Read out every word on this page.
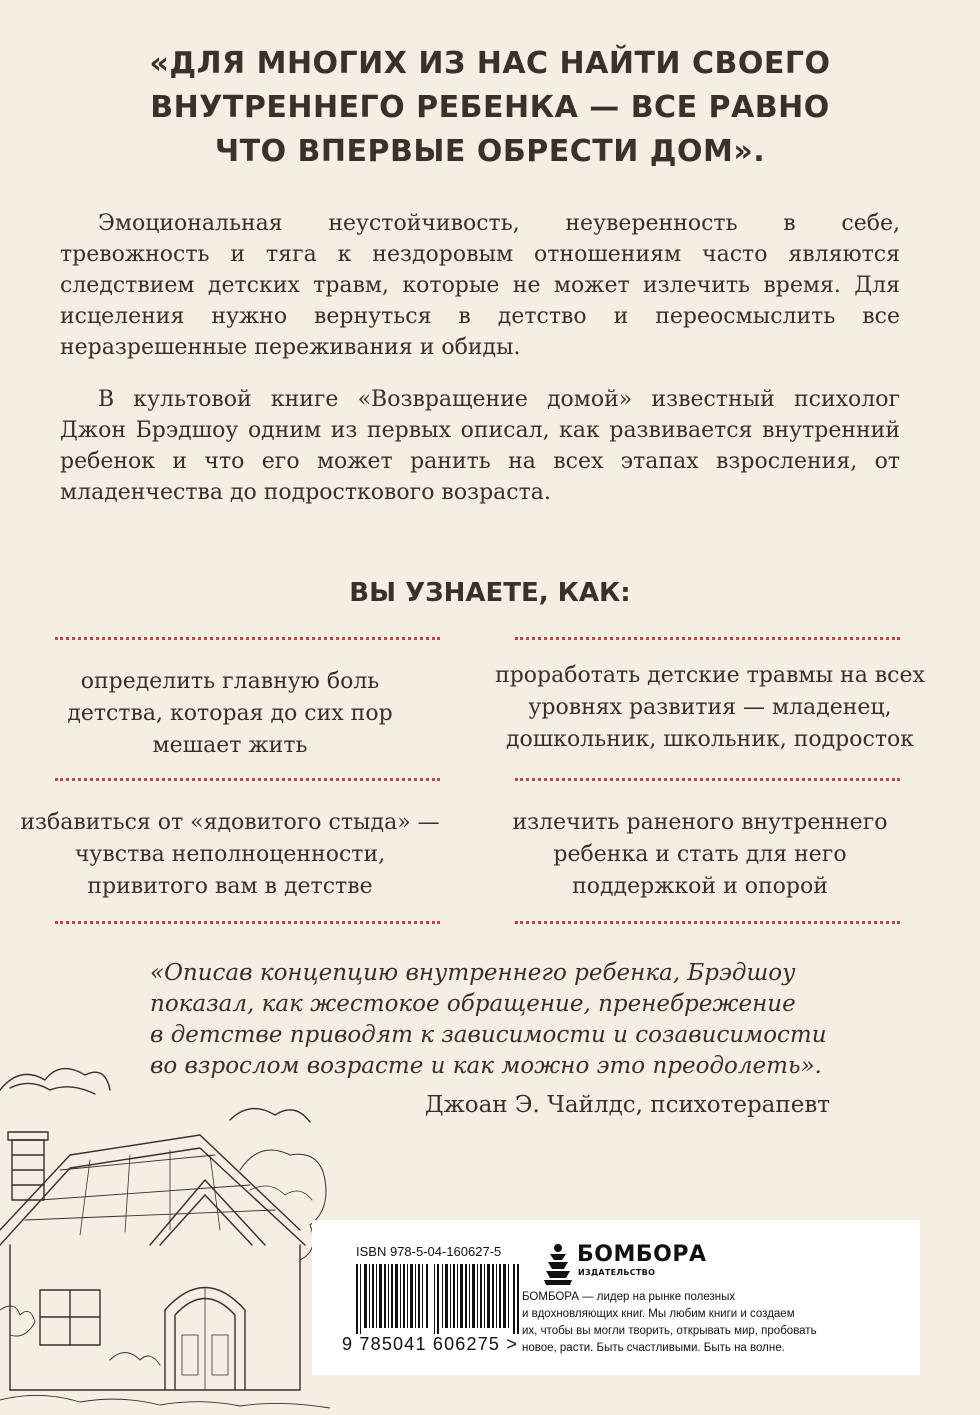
«ДЛЯ МНОГИХ ИЗ НАС НАЙТИ СВОЕГО
ВНУТРЕННЕГО РЕБЕНКА — ВСЕ РАВНО
ЧТО ВПЕРВЫЕ ОБРЕСТИ ДОМ».

Эмоциональная неустойчивость, неуверенность в себе, тревожность и тяга к нездоровым отношениям часто являются следствием детских травм, которые не может излечить время. Для исцеления нужно вернуться в детство и переосмыслить все неразрешенные переживания и обиды.

В культовой книге «Возвращение домой» известный психолог Джон Брэдшоу одним из первых описал, как развивается внутренний ребенок и что его может ранить на всех этапах взросления, от младенчества до подросткового возраста.

ВЫ УЗНАЕТЕ, КАК:
определить главную боль
детства, которая до сих пор
мешает жить
проработать детские травмы на всех
уровнях развития — младенец,
дошкольник, школьник, подросток
избавиться от «ядовитого стыда» —
чувства неполноценности,
привитого вам в детстве
излечить раненого внутреннего
ребенка и стать для него
поддержкой и опорой
«Описав концепцию внутреннего ребенка, Брэдшоу
показал, как жестокое обращение, пренебрежение
в детстве приводят к зависимости и созависимости
во взрослом возрасте и как можно это преодолеть».
Джоан Э. Чайлдс, психотерапевт
ISBN 978-5-04-160627-5
9 785041 606275 >
БОМБОРА
ИЗДАТЕЛЬСТВО
БОМБОРА — лидер на рынке полезных
и вдохновляющих книг. Мы любим книги и создаем
их, чтобы вы могли творить, открывать мир, пробовать
новое, расти. Быть счастливыми. Быть на волне.
